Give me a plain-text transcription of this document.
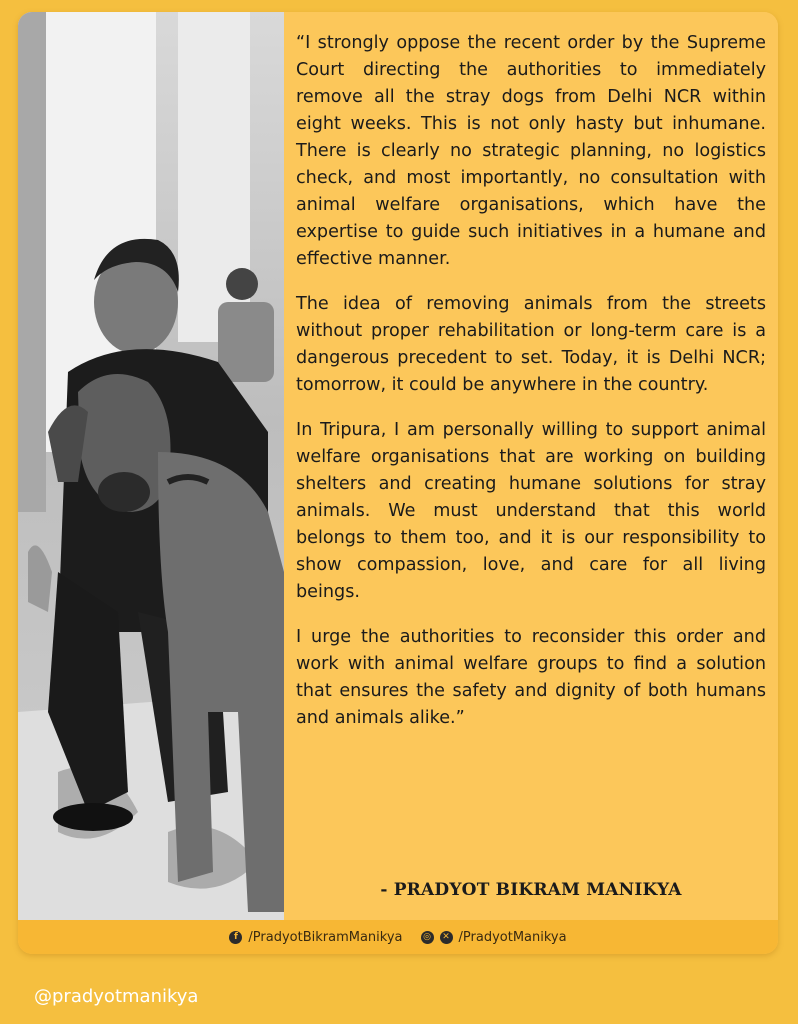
“I strongly oppose the recent order by the Supreme Court directing the authorities to immediately remove all the stray dogs from Delhi NCR within eight weeks. This is not only hasty but inhumane. There is clearly no strategic planning, no logistics check, and most importantly, no consultation with animal welfare organisations, which have the expertise to guide such initiatives in a humane and effective manner.

The idea of removing animals from the streets without proper rehabilitation or long-term care is a dangerous precedent to set. Today, it is Delhi NCR; tomorrow, it could be anywhere in the country.

In Tripura, I am personally willing to support animal welfare organisations that are working on building shelters and creating humane solutions for stray animals. We must understand that this world belongs to them too, and it is our responsibility to show compassion, love, and care for all living beings.

I urge the authorities to reconsider this order and work with animal welfare groups to find a solution that ensures the safety and dignity of both humans and animals alike.”

- PRADYOT BIKRAM MANIKYA
f /PradyotBikramManikya ◎	✕ /PradyotManikya
@pradyotmanikya
